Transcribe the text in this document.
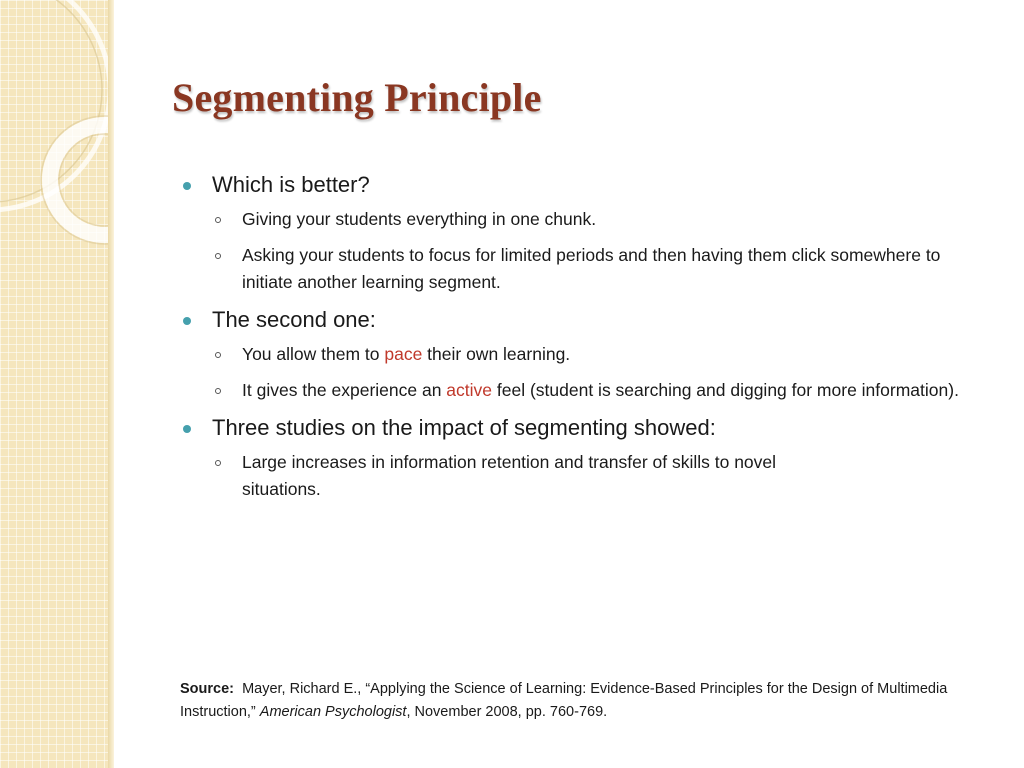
Segmenting Principle
Which is better?
Giving your students everything in one chunk.
Asking your students to focus for limited periods and then having them click somewhere to initiate another learning segment.
The second one:
You allow them to pace their own learning.
It gives the experience an active feel (student is searching and digging for more information).
Three studies on the impact of segmenting showed:
Large increases in information retention and transfer of skills to novel situations.
Source: Mayer, Richard E., “Applying the Science of Learning: Evidence-Based Principles for the Design of Multimedia Instruction,” American Psychologist, November 2008, pp. 760-769.
